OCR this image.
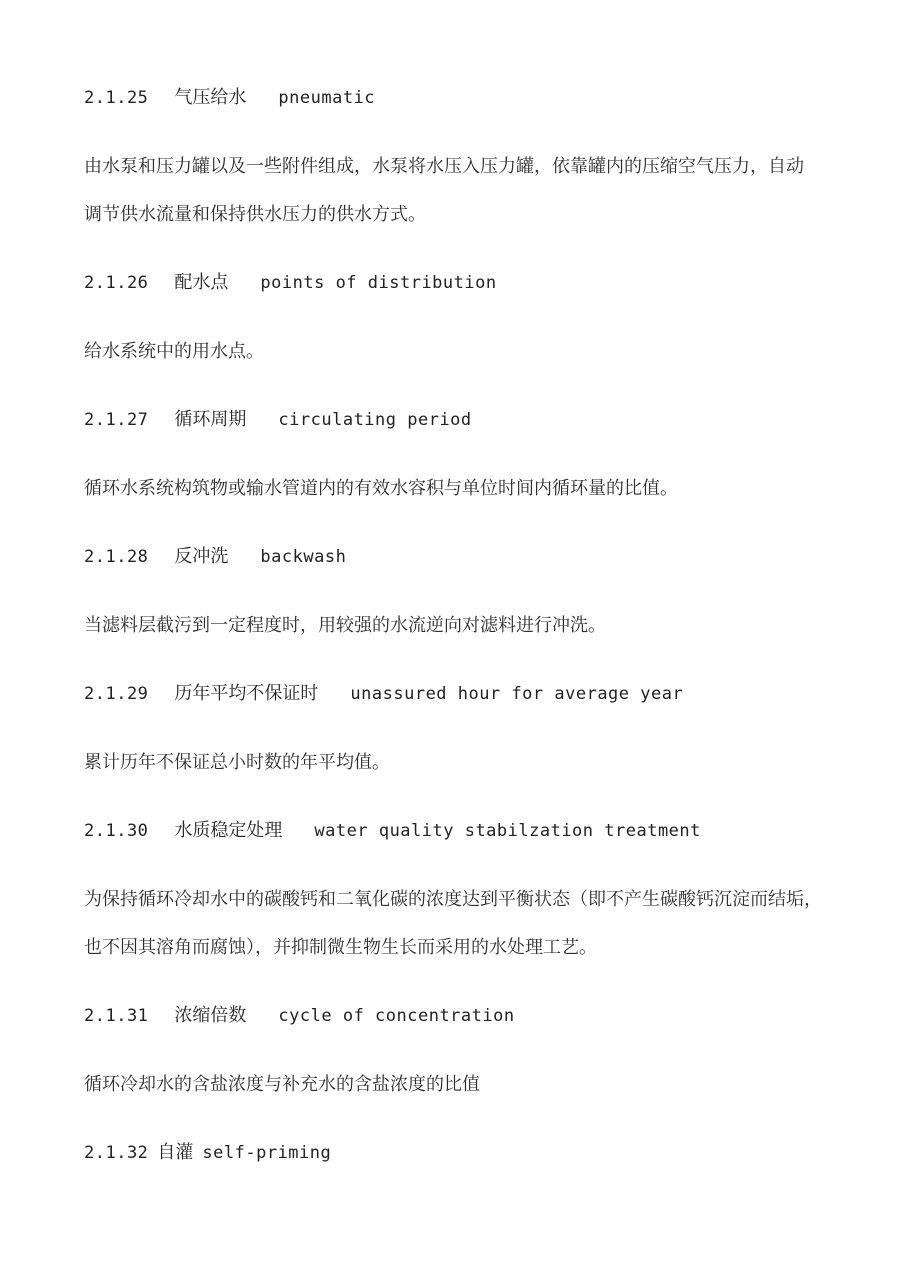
2.1.25 气压给水 pneumatic

由水泵和压力罐以及一些附件组成，水泵将水压入压力罐，依靠罐内的压缩空气压力，自动

调节供水流量和保持供水压力的供水方式。

2.1.26 配水点 points of distribution

给水系统中的用水点。

2.1.27 循环周期 circulating period

循环水系统构筑物或输水管道内的有效水容积与单位时间内循环量的比值。

2.1.28 反冲洗 backwash

当滤料层截污到一定程度时，用较强的水流逆向对滤料进行冲洗。

2.1.29 历年平均不保证时 unassured hour for average year

累计历年不保证总小时数的年平均值。

2.1.30 水质稳定处理 water quality stabilzation treatment

为保持循环冷却水中的碳酸钙和二氧化碳的浓度达到平衡状态（即不产生碳酸钙沉淀而结垢，

也不因其溶角而腐蚀），并抑制微生物生长而采用的水处理工艺。

2.1.31 浓缩倍数 cycle of concentration

循环冷却水的含盐浓度与补充水的含盐浓度的比值

2.1.32 自灌 self-priming
